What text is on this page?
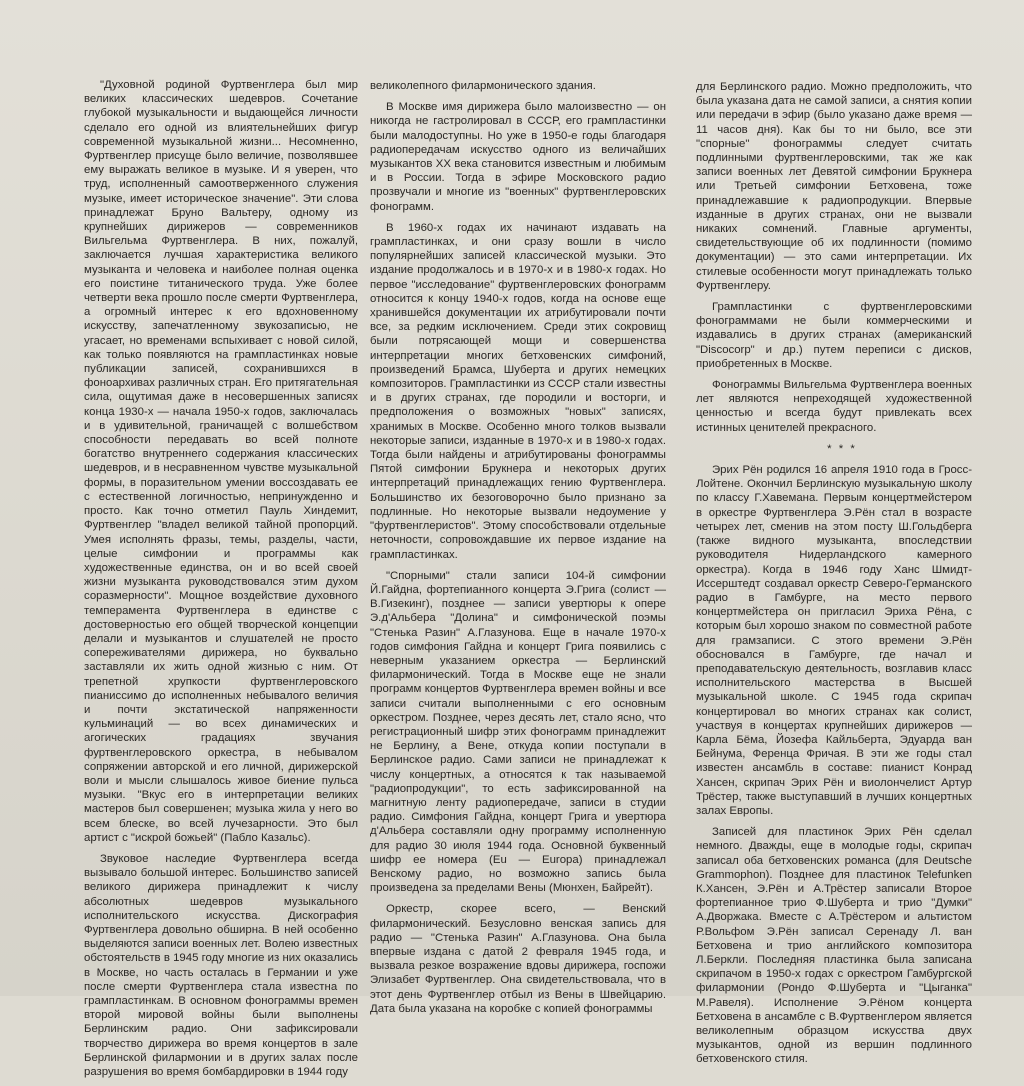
"Духовной родиной Фуртвенглера был мир великих классических шедевров. Сочетание глубокой музыкальности и выдающейся личности сделало его одной из влиятельнейших фигур современной музыкальной жизни... Несомненно, Фуртвенглер присуще было величие, позволявшее ему выражать великое в музыке. И я уверен, что труд, исполненный самоотверженного служения музыке, имеет историческое значение". Эти слова принадлежат Бруно Вальтеру, одному из крупнейших дирижеров — современников Вильгельма Фуртвенглера. В них, пожалуй, заключается лучшая характеристика великого музыканта и человека и наиболее полная оценка его поистине титанического труда. Уже более четверти века прошло после смерти Фуртвенглера, а огромный интерес к его вдохновенному искусству, запечатленному звукозаписью, не угасает, но временами вспыхивает с новой силой, как только появляются на грампластинках новые публикации записей, сохранившихся в фоноархивах различных стран. Его притягательная сила, ощутимая даже в несовершенных записях конца 1930-х — начала 1950-х годов, заключалась и в удивительной, граничащей с волшебством способности передавать во всей полноте богатство внутреннего содержания классических шедевров, и в несравненном чувстве музыкальной формы, в поразительном умении воссоздавать ее с естественной логичностью, непринужденно и просто. Как точно отметил Пауль Хиндемит, Фуртвенглер "владел великой тайной пропорций. Умея исполнять фразы, темы, разделы, части, целые симфонии и программы как художественные единства, он и во всей своей жизни музыканта руководствовался этим духом соразмерности". Мощное воздействие духовного темперамента Фуртвенглера в единстве с достоверностью его общей творческой концепции делали и музыкантов и слушателей не просто сопереживателями дирижера, но буквально заставляли их жить одной жизнью с ним. От трепетной хрупкости фуртвенглеровского пианиссимо до исполненных небывалого величия и почти экстатической напряженности кульминаций — во всех динамических и агогических градациях звучания фуртвенглеровского оркестра, в небывалом сопряжении авторской и его личной, дирижерской воли и мысли слышалось живое биение пульса музыки. "Вкус его в интерпретации великих мастеров был совершенен; музыка жила у него во всем блеске, во всей лучезарности. Это был артист с "искрой божьей" (Пабло Казальс).

Звуковое наследие Фуртвенглера всегда вызывало большой интерес. Большинство записей великого дирижера принадлежит к числу абсолютных шедевров музыкального исполнительского искусства. Дискография Фуртвенглера довольно обширна. В ней особенно выделяются записи военных лет. Волею известных обстоятельств в 1945 году многие из них оказались в Москве, но часть осталась в Германии и уже после смерти Фуртвенглера стала известна по грампластинкам. В основном фонограммы времен второй мировой войны были выполнены Берлинским радио. Они зафиксировали творчество дирижера во время концертов в зале Берлинской филармонии и в других залах после разрушения во время бомбардировки в 1944 году

великолепного филармонического здания.

В Москве имя дирижера было малоизвестно — он никогда не гастролировал в СССР, его грампластинки были малодоступны. Но уже в 1950-е годы благодаря радиопередачам искусство одного из величайших музыкантов XX века становится известным и любимым и в России. Тогда в эфире Московского радио прозвучали и многие из "военных" фуртвенглеровских фонограмм.

В 1960-х годах их начинают издавать на грампластинках, и они сразу вошли в число популярнейших записей классической музыки. Это издание продолжалось и в 1970-х и в 1980-х годах. Но первое "исследование" фуртвенглеровских фонограмм относится к концу 1940-х годов, когда на основе еще хранившейся документации их атрибутировали почти все, за редким исключением. Среди этих сокровищ были потрясающей мощи и совершенства интерпретации многих бетховенских симфоний, произведений Брамса, Шуберта и других немецких композиторов. Грампластинки из СССР стали известны и в других странах, где породили и восторги, и предположения о возможных "новых" записях, хранимых в Москве. Особенно много толков вызвали некоторые записи, изданные в 1970-х и в 1980-х годах. Тогда были найдены и атрибутированы фонограммы Пятой симфонии Брукнера и некоторых других интерпретаций принадлежащих гению Фуртвенглера. Большинство их безоговорочно было признано за подлинные. Но некоторые вызвали недоумение у "фуртвенглеристов". Этому способствовали отдельные неточности, сопровождавшие их первое издание на грампластинках.

"Спорными" стали записи 104-й симфонии Й.Гайдна, фортепианного концерта Э.Грига (солист — В.Гизекинг), позднее — записи увертюры к опере Э.д'Альбера "Долина" и симфонической поэмы "Стенька Разин" А.Глазунова. Еще в начале 1970-х годов симфония Гайдна и концерт Грига появились с неверным указанием оркестра — Берлинский филармонический. Тогда в Москве еще не знали программ концертов Фуртвенглера времен войны и все записи считали выполненными с его основным оркестром. Позднее, через десять лет, стало ясно, что регистрационный шифр этих фонограмм принадлежит не Берлину, а Вене, откуда копии поступали в Берлинское радио. Сами записи не принадлежат к числу концертных, а относятся к так называемой "радиопродукции", то есть зафиксированной на магнитную ленту радиопередаче, записи в студии радио. Симфония Гайдна, концерт Грига и увертюра д'Альбера составляли одну программу исполненную для радио 30 июля 1944 года. Основной буквенный шифр ее номера (Eu — Europa) принадлежал Венскому радио, но возможно запись была произведена за пределами Вены (Мюнхен, Байрейт).

Оркестр, скорее всего, — Венский филармонический. Безусловно венская запись для радио — "Стенька Разин" А.Глазунова. Она была впервые издана с датой 2 февраля 1945 года, и вызвала резкое возражение вдовы дирижера, госпожи Элизабет Фуртвенглер. Она свидетельствовала, что в этот день Фуртвенглер отбыл из Вены в Швейцарию. Дата была указана на коробке с копией фонограммы

для Берлинского радио. Можно предположить, что была указана дата не самой записи, а снятия копии или передачи в эфир (было указано даже время — 11 часов дня). Как бы то ни было, все эти "спорные" фонограммы следует считать подлинными фуртвенглеровскими, так же как записи военных лет Девятой симфонии Брукнера или Третьей симфонии Бетховена, тоже принадлежавшие к радиопродукции. Впервые изданные в других странах, они не вызвали никаких сомнений. Главные аргументы, свидетельствующие об их подлинности (помимо документации) — это сами интерпретации. Их стилевые особенности могут принадлежать только Фуртвенглеру.

Грампластинки с фуртвенглеровскими фонограммами не были коммерческими и издавались в других странах (американский "Discocorp" и др.) путем переписи с дисков, приобретенных в Москве.

Фонограммы Вильгельма Фуртвенглера военных лет являются непреходящей художественной ценностью и всегда будут привлекать всех истинных ценителей прекрасного.

* * *

Эрих Рён родился 16 апреля 1910 года в Гросс-Лойтене. Окончил Берлинскую музыкальную школу по классу Г.Хавемана. Первым концертмейстером в оркестре Фуртвенглера Э.Рён стал в возрасте четырех лет, сменив на этом посту Ш.Гольдберга (также видного музыканта, впоследствии руководителя Нидерландского камерного оркестра). Когда в 1946 году Ханс Шмидт-Иссерштедт создавал оркестр Северо-Германского радио в Гамбурге, на место первого концертмейстера он пригласил Эриха Рёна, с которым был хорошо знаком по совместной работе для грамзаписи. С этого времени Э.Рён обосновался в Гамбурге, где начал и преподавательскую деятельность, возглавив класс исполнительского мастерства в Высшей музыкальной школе. С 1945 года скрипач концертировал во многих странах как солист, участвуя в концертах крупнейших дирижеров — Карла Бёма, Йозефа Кайльберта, Эдуарда ван Бейнума, Ференца Фричая. В эти же годы стал известен ансамбль в составе: пианист Конрад Хансен, скрипач Эрих Рён и виолончелист Артур Трёстер, также выступавший в лучших концертных залах Европы.

Записей для пластинок Эрих Рён сделал немного. Дважды, еще в молодые годы, скрипач записал оба бетховенских романса (для Deutsche Grammophon). Позднее для пластинок Telefunken К.Хансен, Э.Рён и А.Трёстер записали Второе фортепианное трио Ф.Шуберта и трио "Думки" А.Дворжака. Вместе с А.Трёстером и альтистом Р.Вольфом Э.Рён записал Серенаду Л. ван Бетховена и трио английского композитора Л.Беркли. Последняя пластинка была записана скрипачом в 1950-х годах с оркестром Гамбургской филармонии (Рондо Ф.Шуберта и "Цыганка" М.Равеля). Исполнение Э.Рёном концерта Бетховена в ансамбле с В.Фуртвенглером является великолепным образцом искусства двух музыкантов, одной из вершин подлинного бетховенского стиля.
